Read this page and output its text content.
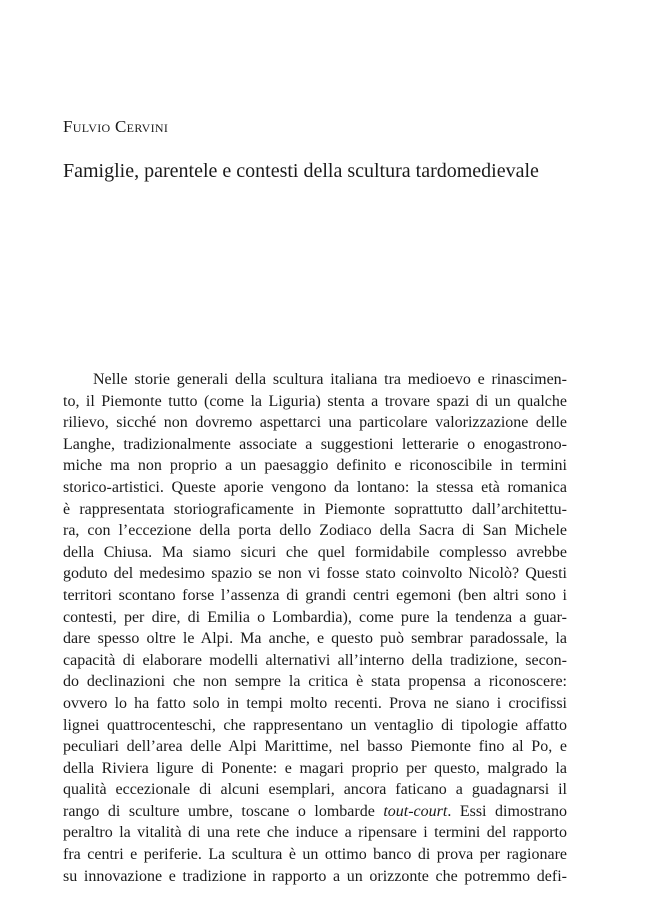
Fulvio Cervini

Famiglie, parentele e contesti della scultura tardomedievale
Nelle storie generali della scultura italiana tra medioevo e rinascimen-
to, il Piemonte tutto (come la Liguria) stenta a trovare spazi di un qualche
rilievo, sicché non dovremo aspettarci una particolare valorizzazione delle
Langhe, tradizionalmente associate a suggestioni letterarie o enogastrono-
miche ma non proprio a un paesaggio definito e riconoscibile in termini
storico-artistici. Queste aporie vengono da lontano: la stessa età romanica
è rappresentata storiograficamente in Piemonte soprattutto dall’architettu-
ra, con l’eccezione della porta dello Zodiaco della Sacra di San Michele
della Chiusa. Ma siamo sicuri che quel formidabile complesso avrebbe
goduto del medesimo spazio se non vi fosse stato coinvolto Nicolò? Questi
territori scontano forse l’assenza di grandi centri egemoni (ben altri sono i
contesti, per dire, di Emilia o Lombardia), come pure la tendenza a guar-
dare spesso oltre le Alpi. Ma anche, e questo può sembrar paradossale, la
capacità di elaborare modelli alternativi all’interno della tradizione, secon-
do declinazioni che non sempre la critica è stata propensa a riconoscere:
ovvero lo ha fatto solo in tempi molto recenti. Prova ne siano i crocifissi
lignei quattrocenteschi, che rappresentano un ventaglio di tipologie affatto
peculiari dell’area delle Alpi Marittime, nel basso Piemonte fino al Po, e
della Riviera ligure di Ponente: e magari proprio per questo, malgrado la
qualità eccezionale di alcuni esemplari, ancora faticano a guadagnarsi il
rango di sculture umbre, toscane o lombarde tout-court. Essi dimostrano
peraltro la vitalità di una rete che induce a ripensare i termini del rapporto
fra centri e periferie. La scultura è un ottimo banco di prova per ragionare
su innovazione e tradizione in rapporto a un orizzonte che potremmo defi-
